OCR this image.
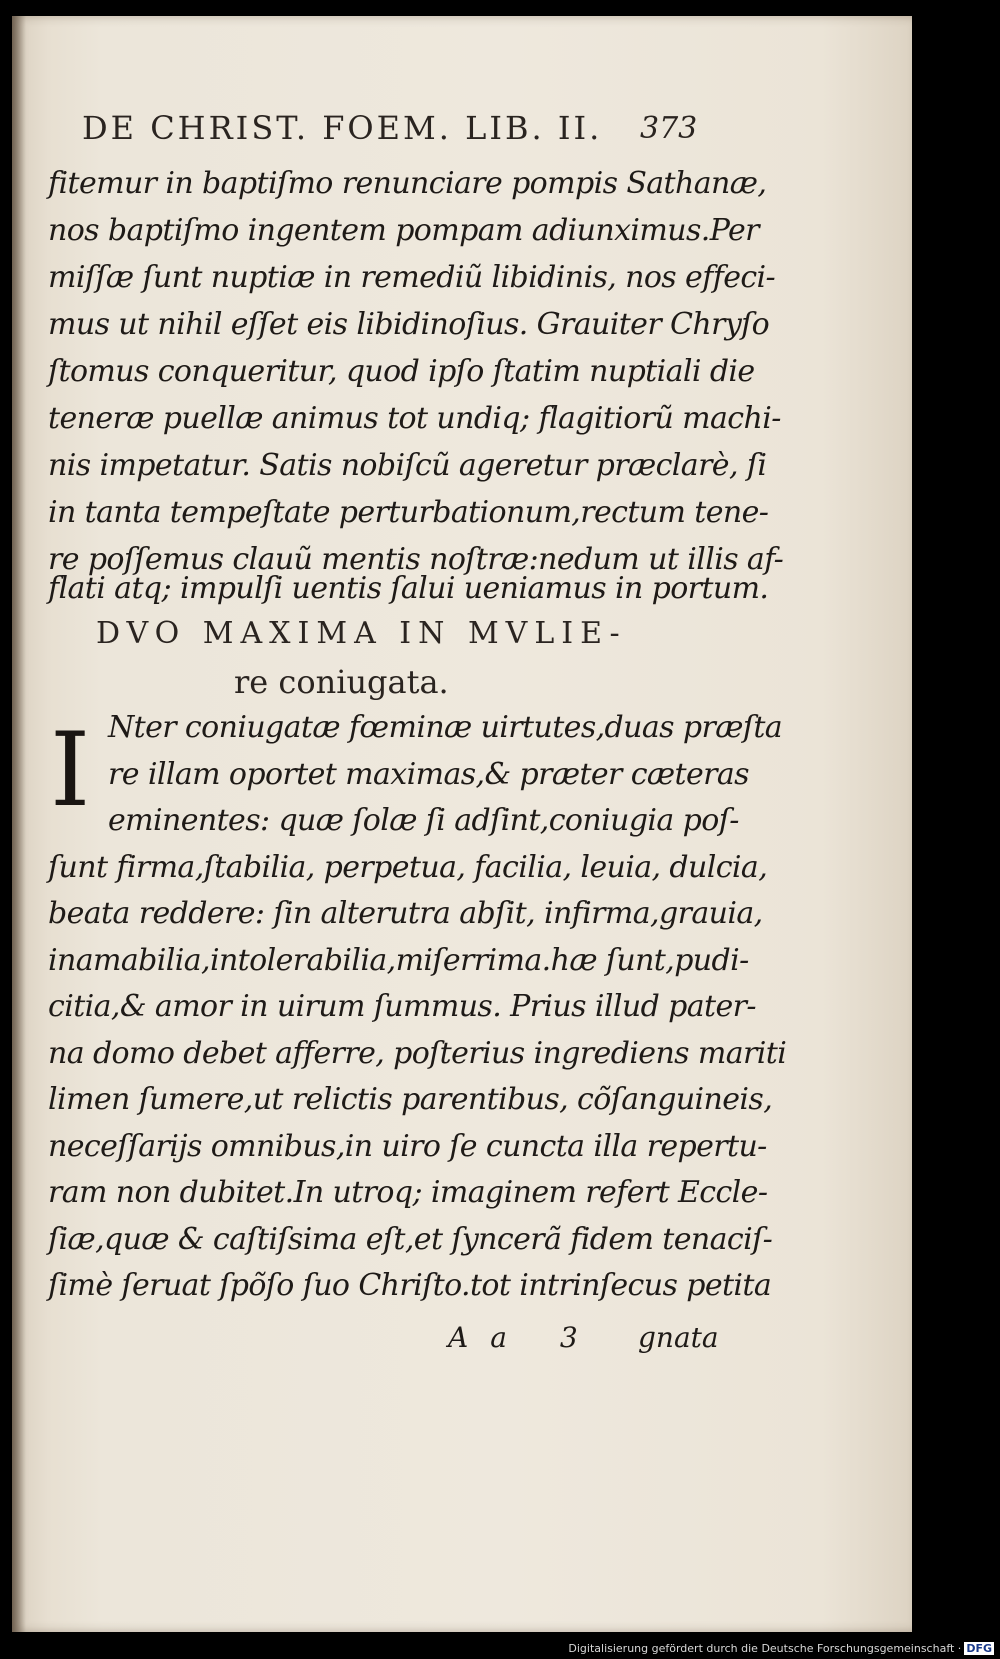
DE CHRIST. FOEM. LIB. II. 373
fitemur in baptiſmo renunciare pompis Sathanæ,
nos baptiſmo ingentem pompam adiunximus.Per
miſſæ ſunt nuptiæ in remediũ libidinis, nos effeci-
mus ut nihil eſſet eis libidinoſius. Grauiter Chryſo
ſtomus conqueritur, quod ipſo ſtatim nuptiali die
teneræ puellæ animus tot undiq; flagitiorũ machi-
nis impetatur. Satis nobiſcũ ageretur præclarè, ſi
in tanta tempeſtate perturbationum,rectum tene-
re poſſemus clauũ mentis noſtræ:nedum ut illis af-
flati atq; impulſi uentis ſalui ueniamus in portum.
DVO MAXIMA IN MVLIE-
re coniugata.
I Nter coniugatæ fœminæ uirtutes,duas præſta
re illam oportet maximas,& præter cæteras
eminentes: quæ ſolæ ſi adſint,coniugia poſ-
ſunt firma,ſtabilia, perpetua, facilia, leuia, dulcia,
beata reddere: ſin alterutra abſit, infirma,grauia,
inamabilia,intolerabilia,miſerrima.hæ ſunt,pudi-
citia,& amor in uirum ſummus. Prius illud pater-
na domo debet afferre, poſterius ingrediens mariti
limen ſumere,ut relictis parentibus, cõſanguineis,
neceſſarijs omnibus,in uiro ſe cuncta illa repertu-
ram non dubitet.In utroq; imaginem refert Eccle-
ſiæ,quæ & caſtiſsima eſt,et ſyncerã fidem tenaciſ-
ſimè ſeruat ſpõſo ſuo Chriſto.tot intrinſecus petita
Aa 3 gnata
Digitalisierung gefördert durch die Deutsche Forschungsgemeinschaft · DFG
